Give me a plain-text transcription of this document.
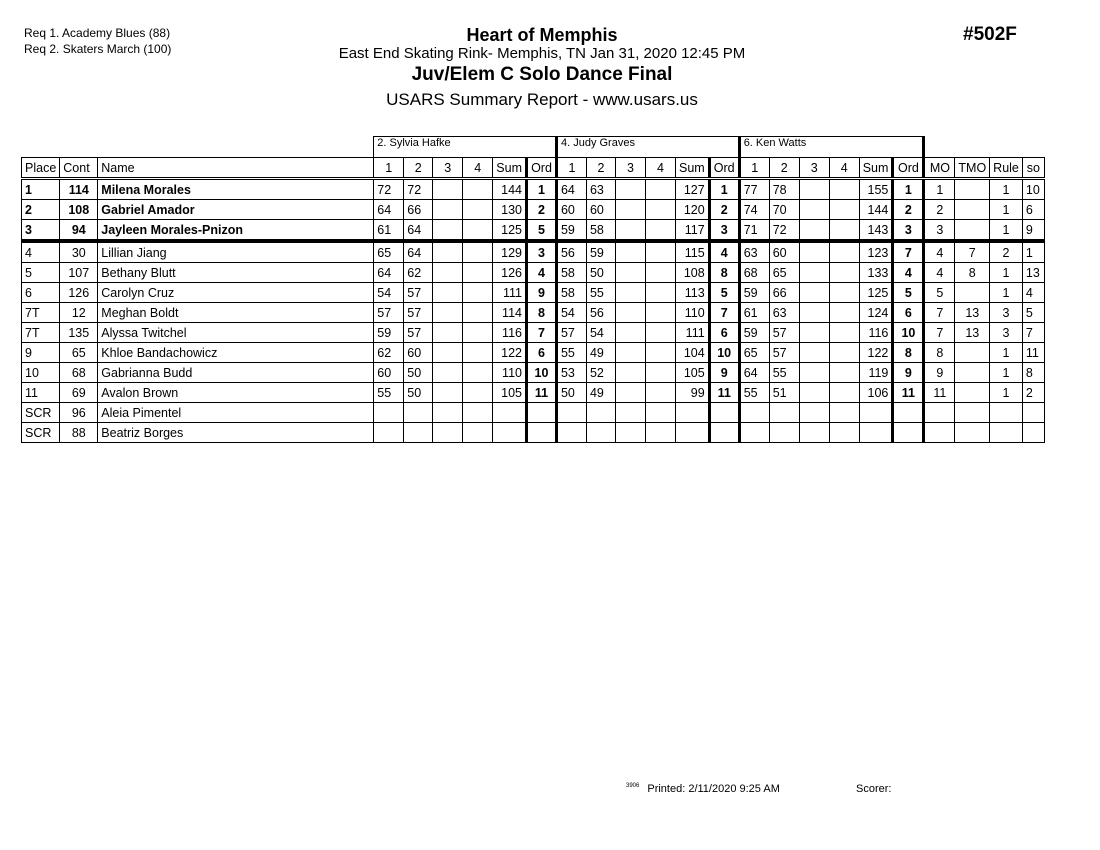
Req 1. Academy Blues (88)
Req 2. Skaters March (100)
Heart of Memphis
East End Skating Rink- Memphis, TN Jan 31, 2020 12:45 PM
Juv/Elem C Solo Dance Final
USARS Summary Report - www.usars.us
#502F
			2. Sylvia Hafke						4. Judy Graves						6. Ken Watts									
Place	Cont	Name	1	2	3	4	Sum	Ord	1	2	3	4	Sum	Ord	1	2	3	4	Sum	Ord	MO	TMO	Rule	so
1	114	Milena Morales	72	72			144	1	64	63			127	1	77	78			155	1	1		1	10
2	108	Gabriel Amador	64	66			130	2	60	60			120	2	74	70			144	2	2		1	6
3	94	Jayleen Morales-Pnizon	61	64			125	5	59	58			117	3	71	72			143	3	3		1	9
4	30	Lillian Jiang	65	64			129	3	56	59			115	4	63	60			123	7	4	7	2	1
5	107	Bethany Blutt	64	62			126	4	58	50			108	8	68	65			133	4	4	8	1	13
6	126	Carolyn Cruz	54	57			111	9	58	55			113	5	59	66			125	5	5		1	4
7T	12	Meghan Boldt	57	57			114	8	54	56			110	7	61	63			124	6	7	13	3	5
7T	135	Alyssa Twitchel	59	57			116	7	57	54			111	6	59	57			116	10	7	13	3	7
9	65	Khloe Bandachowicz	62	60			122	6	55	49			104	10	65	57			122	8	8		1	11
10	68	Gabrianna Budd	60	50			110	10	53	52			105	9	64	55			119	9	9		1	8
11	69	Avalon Brown	55	50			105	11	50	49			99	11	55	51			106	11	11		1	2
SCR	96	Aleia Pimentel																						
SCR	88	Beatriz Borges																						
$^{3906}$ Printed: 2/11/2020 9:25 AM	Scorer:
